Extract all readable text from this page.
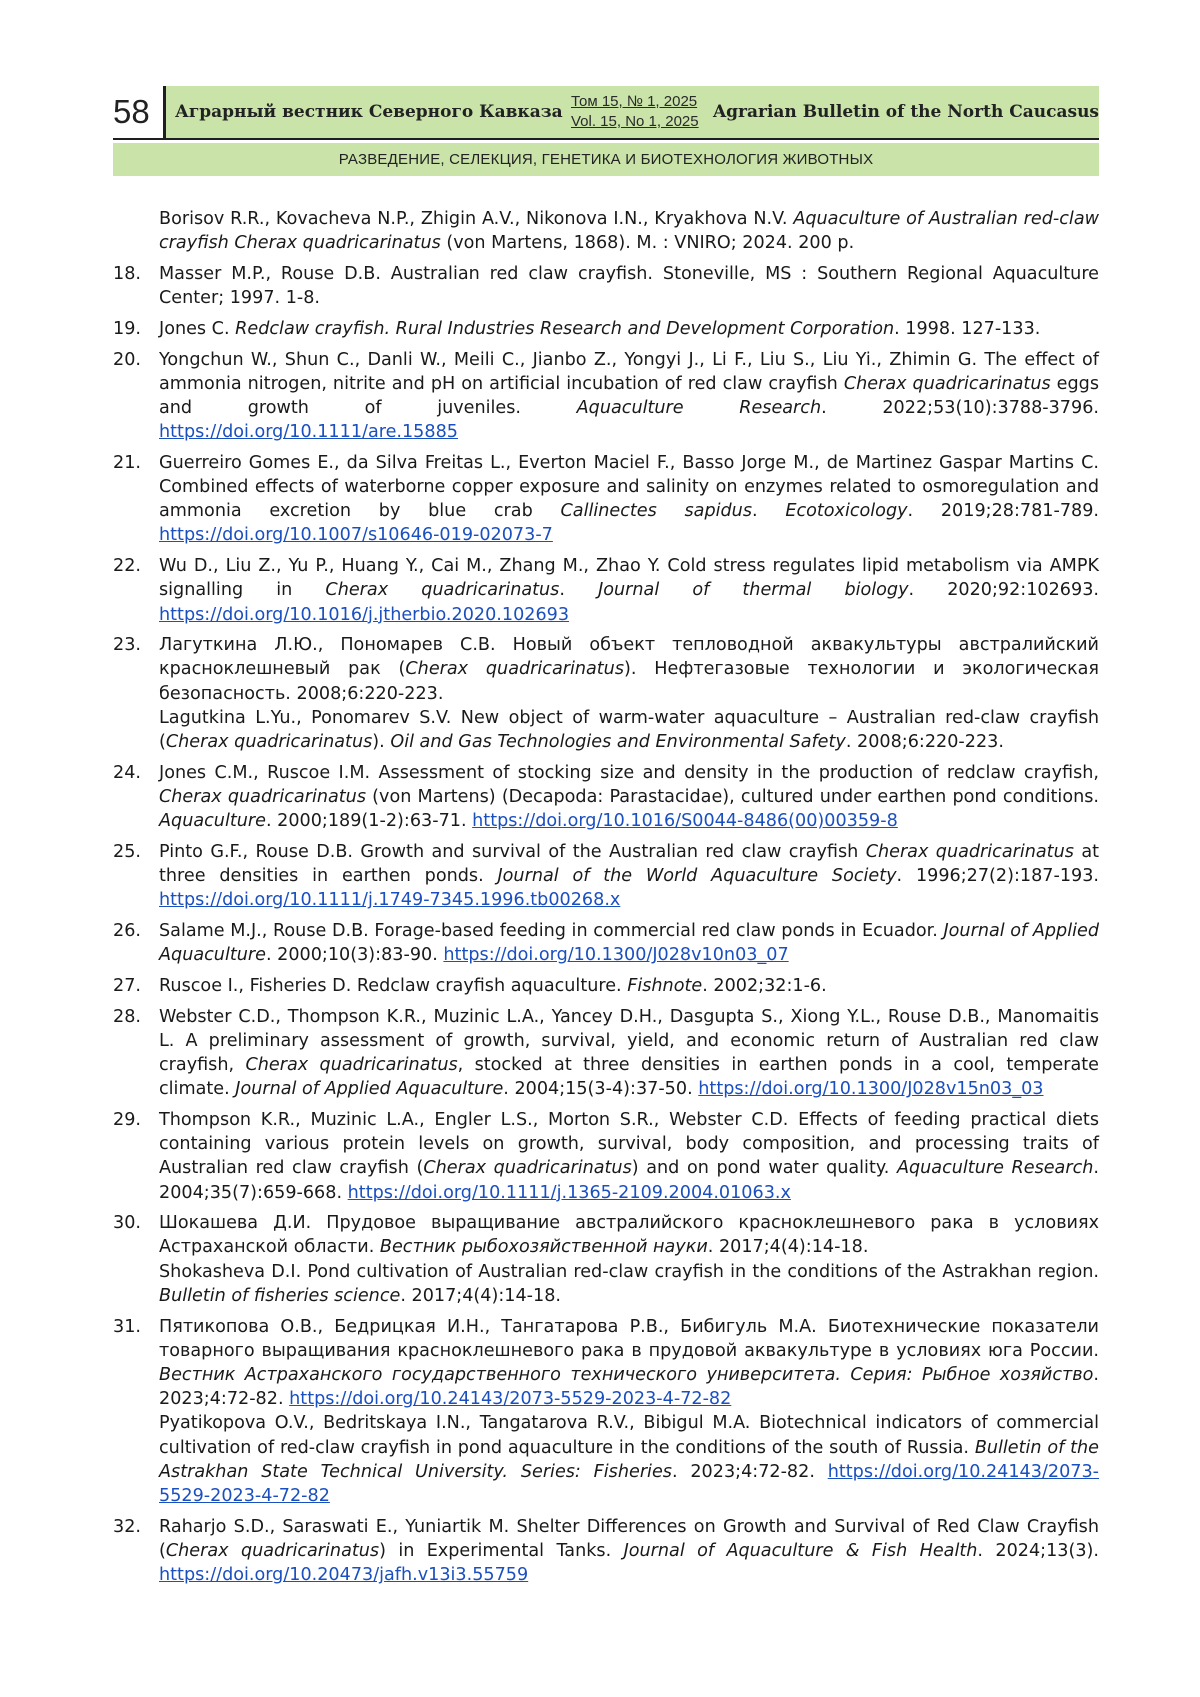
58	Аграрный вестник Северного Кавказа
Том 15, № 1, 2025
Vol. 15, No 1, 2025 Agrarian Bulletin of the North Caucasus
РАЗВЕДЕНИЕ, СЕЛЕКЦИЯ, ГЕНЕТИКА И БИОТЕХНОЛОГИЯ ЖИВОТНЫХ

Borisov R.R., Kovacheva N.P., Zhigin A.V., Nikonova I.N., Kryakhova N.V. Aquaculture of Australian red-claw crayfish Cherax quadricarinatus (von Martens, 1868). M. : VNIRO; 2024. 200 p.

18. Masser M.P., Rouse D.B. Australian red claw crayfish. Stoneville, MS : Southern Regional Aquaculture Center; 1997. 1-8.

19. Jones C. Redclaw crayfish. Rural Industries Research and Development Corporation. 1998. 127-133.

20. Yongchun W., Shun C., Danli W., Meili C., Jianbo Z., Yongyi J., Li F., Liu S., Liu Yi., Zhimin G. The effect of ammonia nitrogen, nitrite and pH on artificial incubation of red claw crayfish Cherax quadricarinatus eggs and growth of juveniles. Aquaculture Research. 2022;53(10):3788-3796. https://doi.org/10.1111/are.15885

21. Guerreiro Gomes E., da Silva Freitas L., Everton Maciel F., Basso Jorge M., de Martinez Gaspar Martins C. Combined effects of waterborne copper exposure and salinity on enzymes related to osmoregulation and ammonia excretion by blue crab Callinectes sapidus. Ecotoxicology. 2019;28:781-789. https://doi.org/10.1007/s10646-019-02073-7

22. Wu D., Liu Z., Yu P., Huang Y., Cai M., Zhang M., Zhao Y. Cold stress regulates lipid metabolism via AMPK signalling in Cherax quadricarinatus. Journal of thermal biology. 2020;92:102693. https://doi.org/10.1016/j.jtherbio.2020.102693

23. Лагуткина Л.Ю., Пономарев С.В. Новый объект тепловодной аквакультуры австралийский красноклешневый рак (Cherax quadricarinatus). Нефтегазовые технологии и экологическая безопасность. 2008;6:220-223.

Lagutkina L.Yu., Ponomarev S.V. New object of warm-water aquaculture – Australian red-claw crayfish (Cherax quadricarinatus). Oil and Gas Technologies and Environmental Safety. 2008;6:220-223.

24. Jones C.M., Ruscoe I.M. Assessment of stocking size and density in the production of redclaw crayfish, Cherax quadricarinatus (von Martens) (Decapoda: Parastacidae), cultured under earthen pond conditions. Aquaculture. 2000;189(1-2):63-71. https://doi.org/10.1016/S0044-8486(00)00359-8

25. Pinto G.F., Rouse D.B. Growth and survival of the Australian red claw crayfish Cherax quadricarinatus at three densities in earthen ponds. Journal of the World Aquaculture Society. 1996;27(2):187-193. https://doi.org/10.1111/j.1749-7345.1996.tb00268.x

26. Salame M.J., Rouse D.B. Forage-based feeding in commercial red claw ponds in Ecuador. Journal of Applied Aquaculture. 2000;10(3):83-90. https://doi.org/10.1300/J028v10n03_07

27. Ruscoe I., Fisheries D. Redclaw crayfish aquaculture. Fishnote. 2002;32:1-6.

28. Webster C.D., Thompson K.R., Muzinic L.A., Yancey D.H., Dasgupta S., Xiong Y.L., Rouse D.B., Manomaitis L. A preliminary assessment of growth, survival, yield, and economic return of Australian red claw crayfish, Cherax quadricarinatus, stocked at three densities in earthen ponds in a cool, temperate climate. Journal of Applied Aquaculture. 2004;15(3-4):37-50. https://doi.org/10.1300/J028v15n03_03

29. Thompson K.R., Muzinic L.A., Engler L.S., Morton S.R., Webster C.D. Effects of feeding practical diets containing various protein levels on growth, survival, body composition, and processing traits of Australian red claw crayfish (Cherax quadricarinatus) and on pond water quality. Aquaculture Research. 2004;35(7):659-668. https://doi.org/10.1111/j.1365-2109.2004.01063.x

30. Шокашева Д.И. Прудовое выращивание австралийского красноклешневого рака в условиях Астраханской области. Вестник рыбохозяйственной науки. 2017;4(4):14-18.

Shokasheva D.I. Pond cultivation of Australian red-claw crayfish in the conditions of the Astrakhan region. Bulletin of fisheries science. 2017;4(4):14-18.

31. Пятикопова О.В., Бедрицкая И.Н., Тангатарова Р.В., Бибигуль М.А. Биотехнические показатели товарного выращивания красноклешневого рака в прудовой аквакультуре в условиях юга России. Вестник Астраханского государственного технического университета. Серия: Рыбное хозяйство. 2023;4:72-82. https://doi.org/10.24143/2073-5529-2023-4-72-82

Pyatikopova O.V., Bedritskaya I.N., Tangatarova R.V., Bibigul M.A. Biotechnical indicators of commercial cultivation of red-claw crayfish in pond aquaculture in the conditions of the south of Russia. Bulletin of the Astrakhan State Technical University. Series: Fisheries. 2023;4:72-82. https://doi.org/10.24143/2073-5529-2023-4-72-82

32. Raharjo S.D., Saraswati E., Yuniartik M. Shelter Differences on Growth and Survival of Red Claw Crayfish (Cherax quadricarinatus) in Experimental Tanks. Journal of Aquaculture & Fish Health. 2024;13(3). https://doi.org/10.20473/jafh.v13i3.55759
